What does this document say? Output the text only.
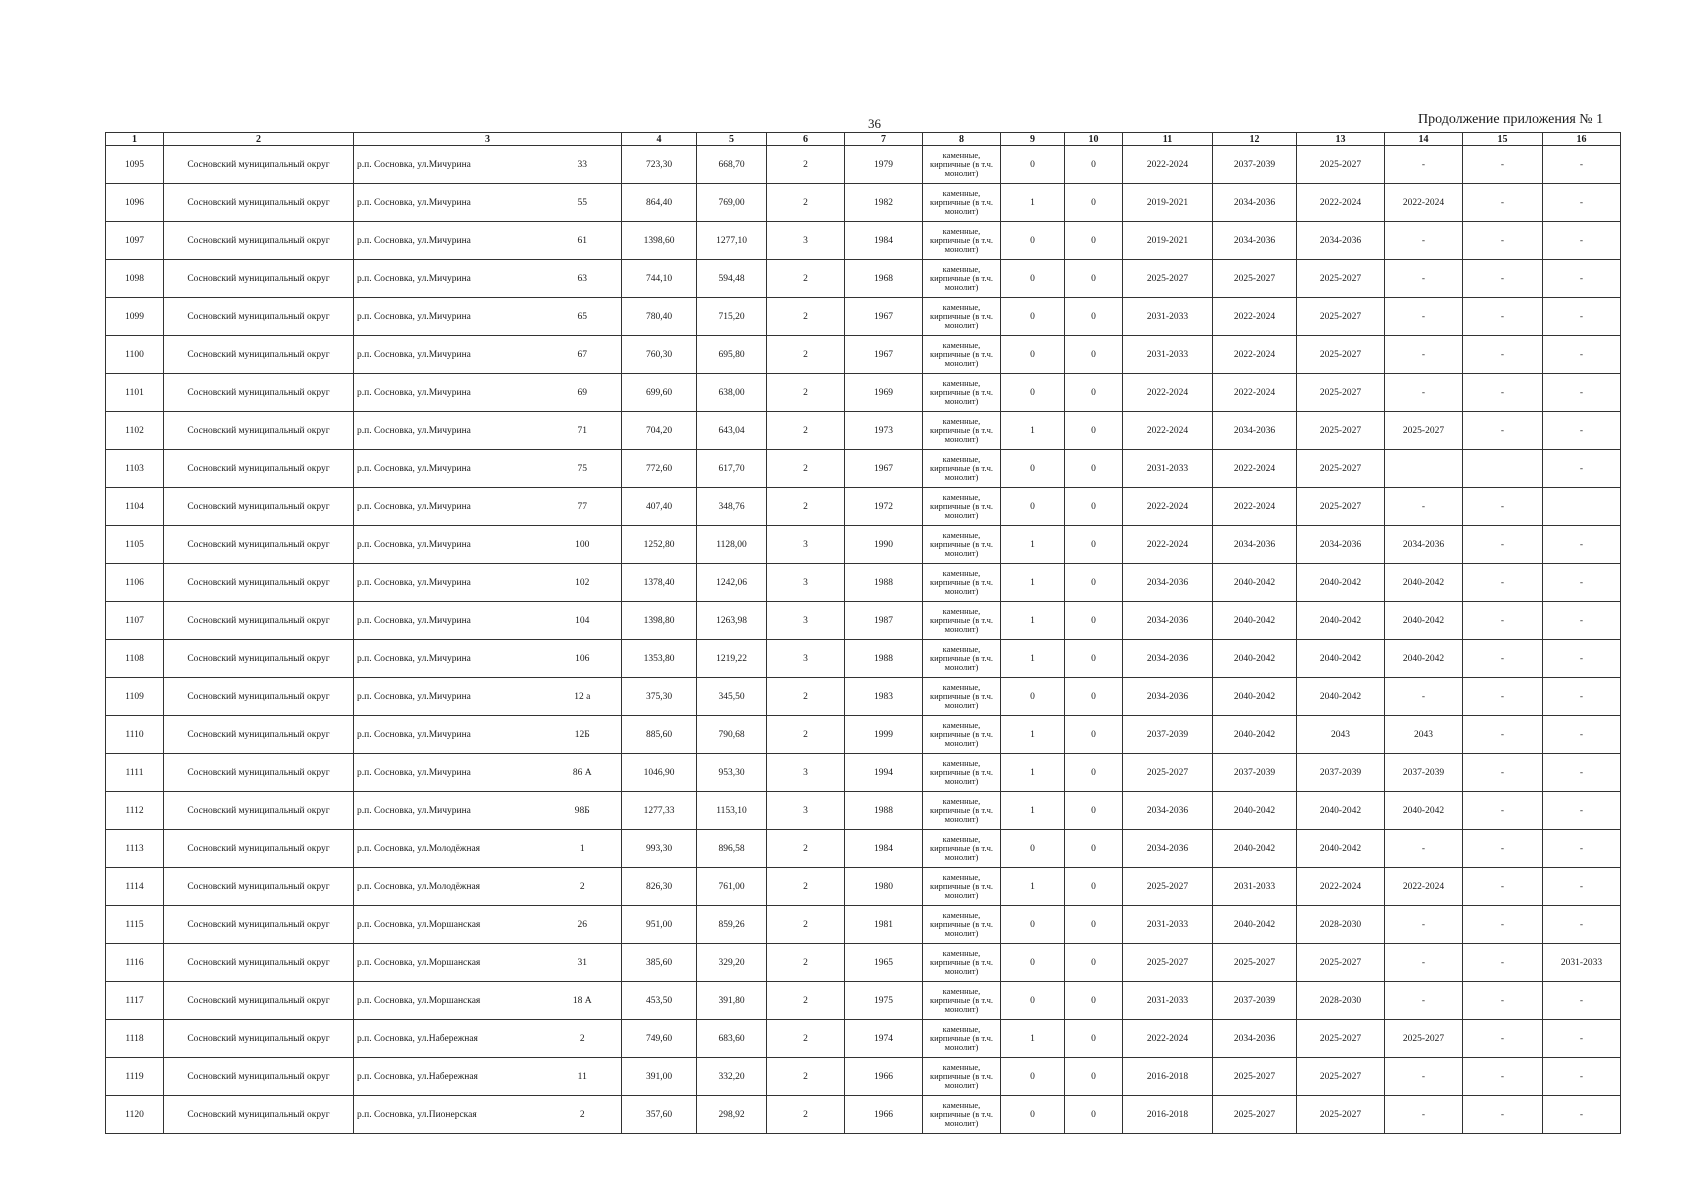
36	Продолжение приложения № 1
1	2	3		4	5	6	7	8	9	10	11	12	13	14	15	16
1095	Сосновский муниципальный округ	р.п. Сосновка, ул.Мичурина	33	723,30	668,70	2	1979	каменные, кирпичные (в т.ч. монолит)	0	0	2022-2024	2037-2039	2025-2027	-	-	-
1096	Сосновский муниципальный округ	р.п. Сосновка, ул.Мичурина	55	864,40	769,00	2	1982	каменные, кирпичные (в т.ч. монолит)	1	0	2019-2021	2034-2036	2022-2024	2022-2024	-	-
1097	Сосновский муниципальный округ	р.п. Сосновка, ул.Мичурина	61	1398,60	1277,10	3	1984	каменные, кирпичные (в т.ч. монолит)	0	0	2019-2021	2034-2036	2034-2036	-	-	-
1098	Сосновский муниципальный округ	р.п. Сосновка, ул.Мичурина	63	744,10	594,48	2	1968	каменные, кирпичные (в т.ч. монолит)	0	0	2025-2027	2025-2027	2025-2027	-	-	-
1099	Сосновский муниципальный округ	р.п. Сосновка, ул.Мичурина	65	780,40	715,20	2	1967	каменные, кирпичные (в т.ч. монолит)	0	0	2031-2033	2022-2024	2025-2027	-	-	-
1100	Сосновский муниципальный округ	р.п. Сосновка, ул.Мичурина	67	760,30	695,80	2	1967	каменные, кирпичные (в т.ч. монолит)	0	0	2031-2033	2022-2024	2025-2027	-	-	-
1101	Сосновский муниципальный округ	р.п. Сосновка, ул.Мичурина	69	699,60	638,00	2	1969	каменные, кирпичные (в т.ч. монолит)	0	0	2022-2024	2022-2024	2025-2027	-	-	-
1102	Сосновский муниципальный округ	р.п. Сосновка, ул.Мичурина	71	704,20	643,04	2	1973	каменные, кирпичные (в т.ч. монолит)	1	0	2022-2024	2034-2036	2025-2027	2025-2027	-	-
1103	Сосновский муниципальный округ	р.п. Сосновка, ул.Мичурина	75	772,60	617,70	2	1967	каменные, кирпичные (в т.ч. монолит)	0	0	2031-2033	2022-2024	2025-2027			-
1104	Сосновский муниципальный округ	р.п. Сосновка, ул.Мичурина	77	407,40	348,76	2	1972	каменные, кирпичные (в т.ч. монолит)	0	0	2022-2024	2022-2024	2025-2027	-	-	
1105	Сосновский муниципальный округ	р.п. Сосновка, ул.Мичурина	100	1252,80	1128,00	3	1990	каменные, кирпичные (в т.ч. монолит)	1	0	2022-2024	2034-2036	2034-2036	2034-2036	-	-
1106	Сосновский муниципальный округ	р.п. Сосновка, ул.Мичурина	102	1378,40	1242,06	3	1988	каменные, кирпичные (в т.ч. монолит)	1	0	2034-2036	2040-2042	2040-2042	2040-2042	-	-
1107	Сосновский муниципальный округ	р.п. Сосновка, ул.Мичурина	104	1398,80	1263,98	3	1987	каменные, кирпичные (в т.ч. монолит)	1	0	2034-2036	2040-2042	2040-2042	2040-2042	-	-
1108	Сосновский муниципальный округ	р.п. Сосновка, ул.Мичурина	106	1353,80	1219,22	3	1988	каменные, кирпичные (в т.ч. монолит)	1	0	2034-2036	2040-2042	2040-2042	2040-2042	-	-
1109	Сосновский муниципальный округ	р.п. Сосновка, ул.Мичурина	12 а	375,30	345,50	2	1983	каменные, кирпичные (в т.ч. монолит)	0	0	2034-2036	2040-2042	2040-2042	-	-	-
1110	Сосновский муниципальный округ	р.п. Сосновка, ул.Мичурина	12Б	885,60	790,68	2	1999	каменные, кирпичные (в т.ч. монолит)	1	0	2037-2039	2040-2042	2043	2043	-	-
1111	Сосновский муниципальный округ	р.п. Сосновка, ул.Мичурина	86 А	1046,90	953,30	3	1994	каменные, кирпичные (в т.ч. монолит)	1	0	2025-2027	2037-2039	2037-2039	2037-2039	-	-
1112	Сосновский муниципальный округ	р.п. Сосновка, ул.Мичурина	98Б	1277,33	1153,10	3	1988	каменные, кирпичные (в т.ч. монолит)	1	0	2034-2036	2040-2042	2040-2042	2040-2042	-	-
1113	Сосновский муниципальный округ	р.п. Сосновка, ул.Молодёжная	1	993,30	896,58	2	1984	каменные, кирпичные (в т.ч. монолит)	0	0	2034-2036	2040-2042	2040-2042	-	-	-
1114	Сосновский муниципальный округ	р.п. Сосновка, ул.Молодёжная	2	826,30	761,00	2	1980	каменные, кирпичные (в т.ч. монолит)	1	0	2025-2027	2031-2033	2022-2024	2022-2024	-	-
1115	Сосновский муниципальный округ	р.п. Сосновка, ул.Моршанская	26	951,00	859,26	2	1981	каменные, кирпичные (в т.ч. монолит)	0	0	2031-2033	2040-2042	2028-2030	-	-	-
1116	Сосновский муниципальный округ	р.п. Сосновка, ул.Моршанская	31	385,60	329,20	2	1965	каменные, кирпичные (в т.ч. монолит)	0	0	2025-2027	2025-2027	2025-2027	-	-	2031-2033
1117	Сосновский муниципальный округ	р.п. Сосновка, ул.Моршанская	18 А	453,50	391,80	2	1975	каменные, кирпичные (в т.ч. монолит)	0	0	2031-2033	2037-2039	2028-2030	-	-	-
1118	Сосновский муниципальный округ	р.п. Сосновка, ул.Набережная	2	749,60	683,60	2	1974	каменные, кирпичные (в т.ч. монолит)	1	0	2022-2024	2034-2036	2025-2027	2025-2027	-	-
1119	Сосновский муниципальный округ	р.п. Сосновка, ул.Набережная	11	391,00	332,20	2	1966	каменные, кирпичные (в т.ч. монолит)	0	0	2016-2018	2025-2027	2025-2027	-	-	-
1120	Сосновский муниципальный округ	р.п. Сосновка, ул.Пионерская	2	357,60	298,92	2	1966	каменные, кирпичные (в т.ч. монолит)	0	0	2016-2018	2025-2027	2025-2027	-	-	-
